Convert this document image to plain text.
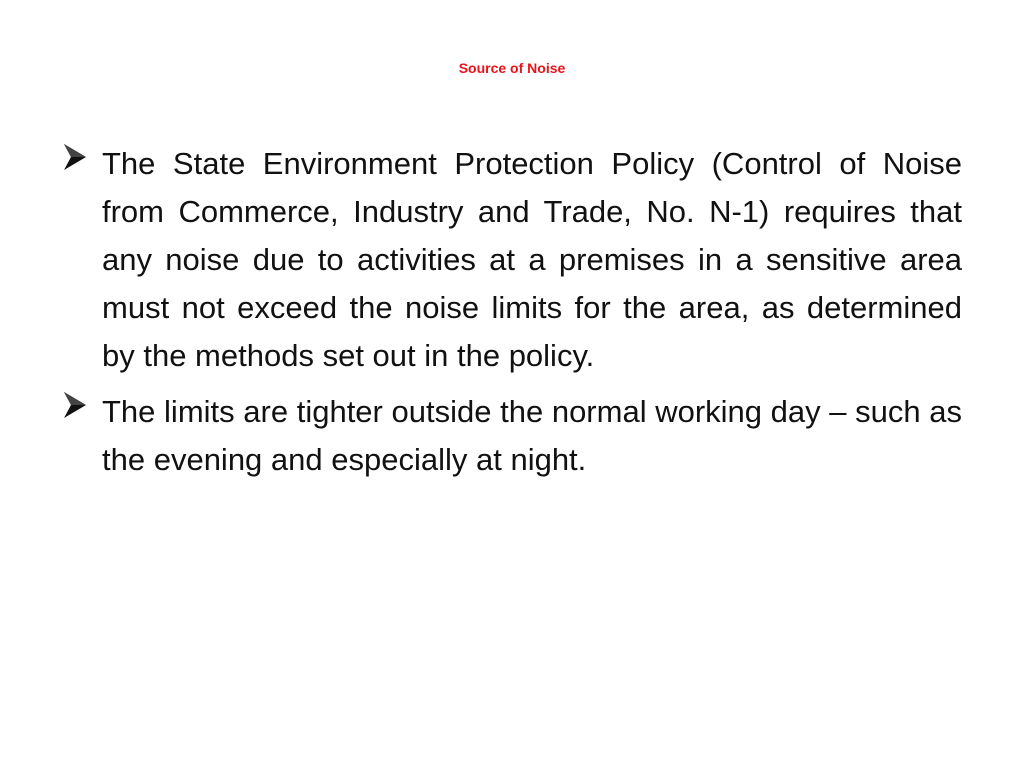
Source of Noise
The State Environment Protection Policy (Control of Noise from Commerce, Industry and Trade, No. N-1) requires that any noise due to activities at a premises in a sensitive area must not exceed the noise limits for the area, as determined by the methods set out in the policy.
The limits are tighter outside the normal working day – such as the evening and especially at night.
